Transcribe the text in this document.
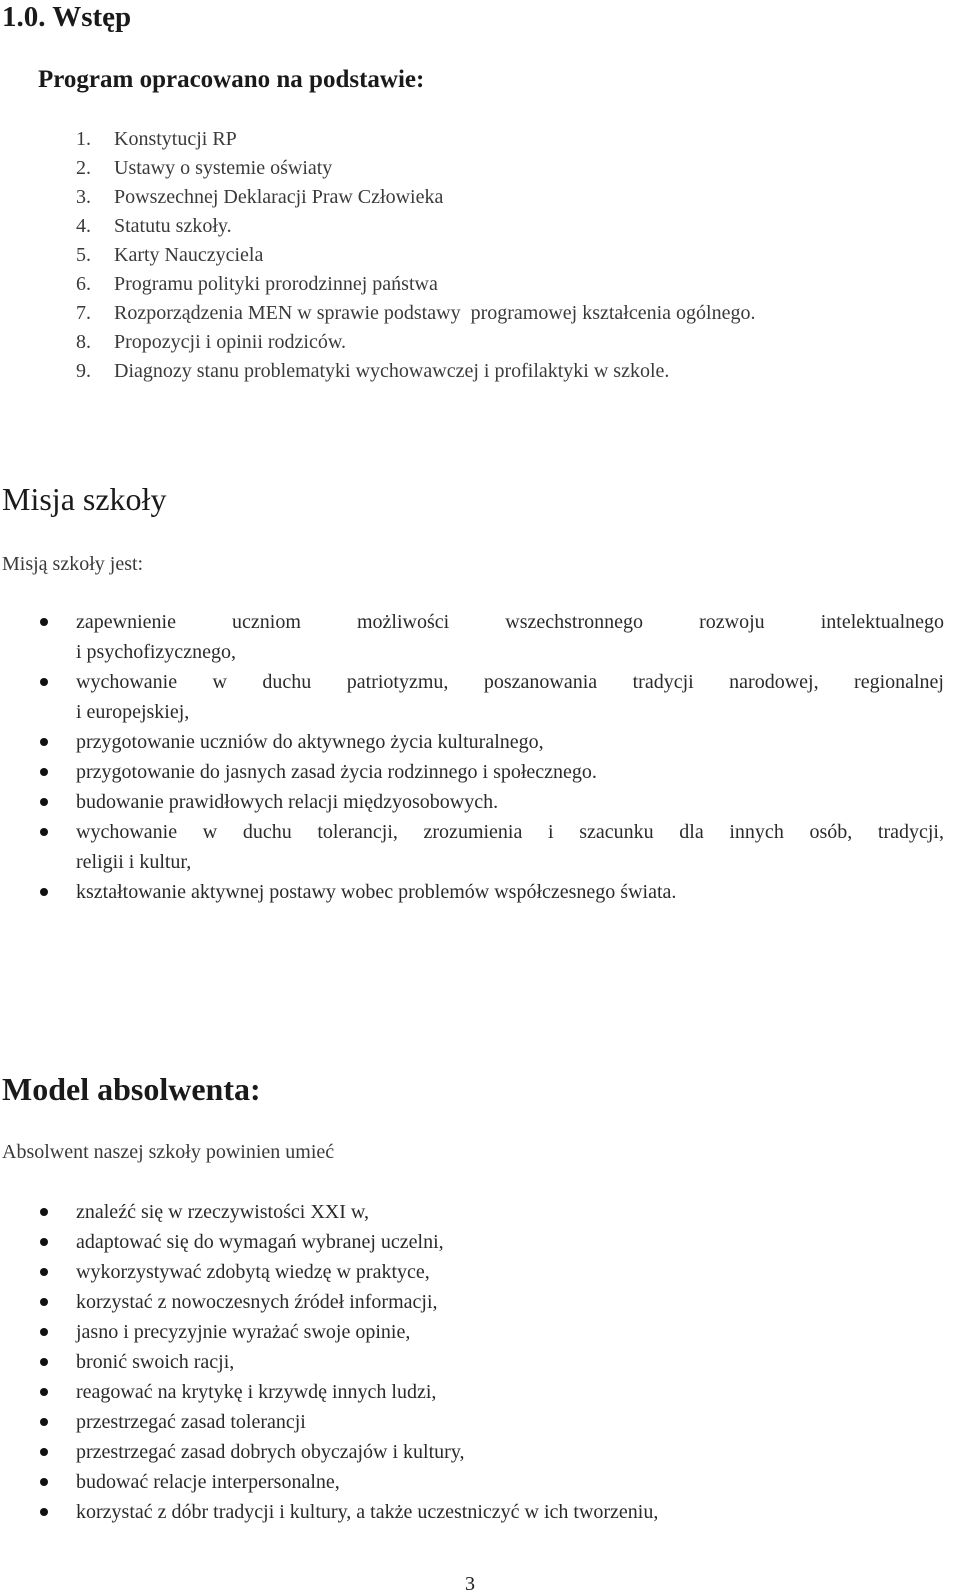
1.0. Wstęp
Program opracowano na podstawie:
1. Konstytucji RP
2. Ustawy o systemie oświaty
3. Powszechnej Deklaracji Praw Człowieka
4. Statutu szkoły.
5. Karty Nauczyciela
6. Programu polityki prorodzinnej państwa
7. Rozporządzenia MEN w sprawie podstawy  programowej kształcenia ogólnego.
8. Propozycji i opinii rodziców.
9. Diagnozy stanu problematyki wychowawczej i profilaktyki w szkole.
Misja szkoły

Misją szkoły jest:

zapewnienie uczniom możliwości wszechstronnego rozwoju intelektualnego
i psychofizycznego,
wychowanie w duchu patriotyzmu, poszanowania tradycji narodowej, regionalnej
i europejskiej,
przygotowanie uczniów do aktywnego życia kulturalnego,
przygotowanie do jasnych zasad życia rodzinnego i społecznego.
budowanie prawidłowych relacji międzyosobowych.
wychowanie w duchu tolerancji, zrozumienia i szacunku dla innych osób, tradycji,
religii i kultur,
kształtowanie aktywnej postawy wobec problemów współczesnego świata.
Model absolwenta:

Absolwent naszej szkoły powinien umieć

znaleźć się w rzeczywistości XXI w,
adaptować się do wymagań wybranej uczelni,
wykorzystywać zdobytą wiedzę w praktyce,
korzystać z nowoczesnych źródeł informacji,
jasno i precyzyjnie wyrażać swoje opinie,
bronić swoich racji,
reagować na krytykę i krzywdę innych ludzi,
przestrzegać zasad tolerancji
przestrzegać zasad dobrych obyczajów i kultury,
budować relacje interpersonalne,
korzystać z dóbr tradycji i kultury, a także uczestniczyć w ich tworzeniu,
3
